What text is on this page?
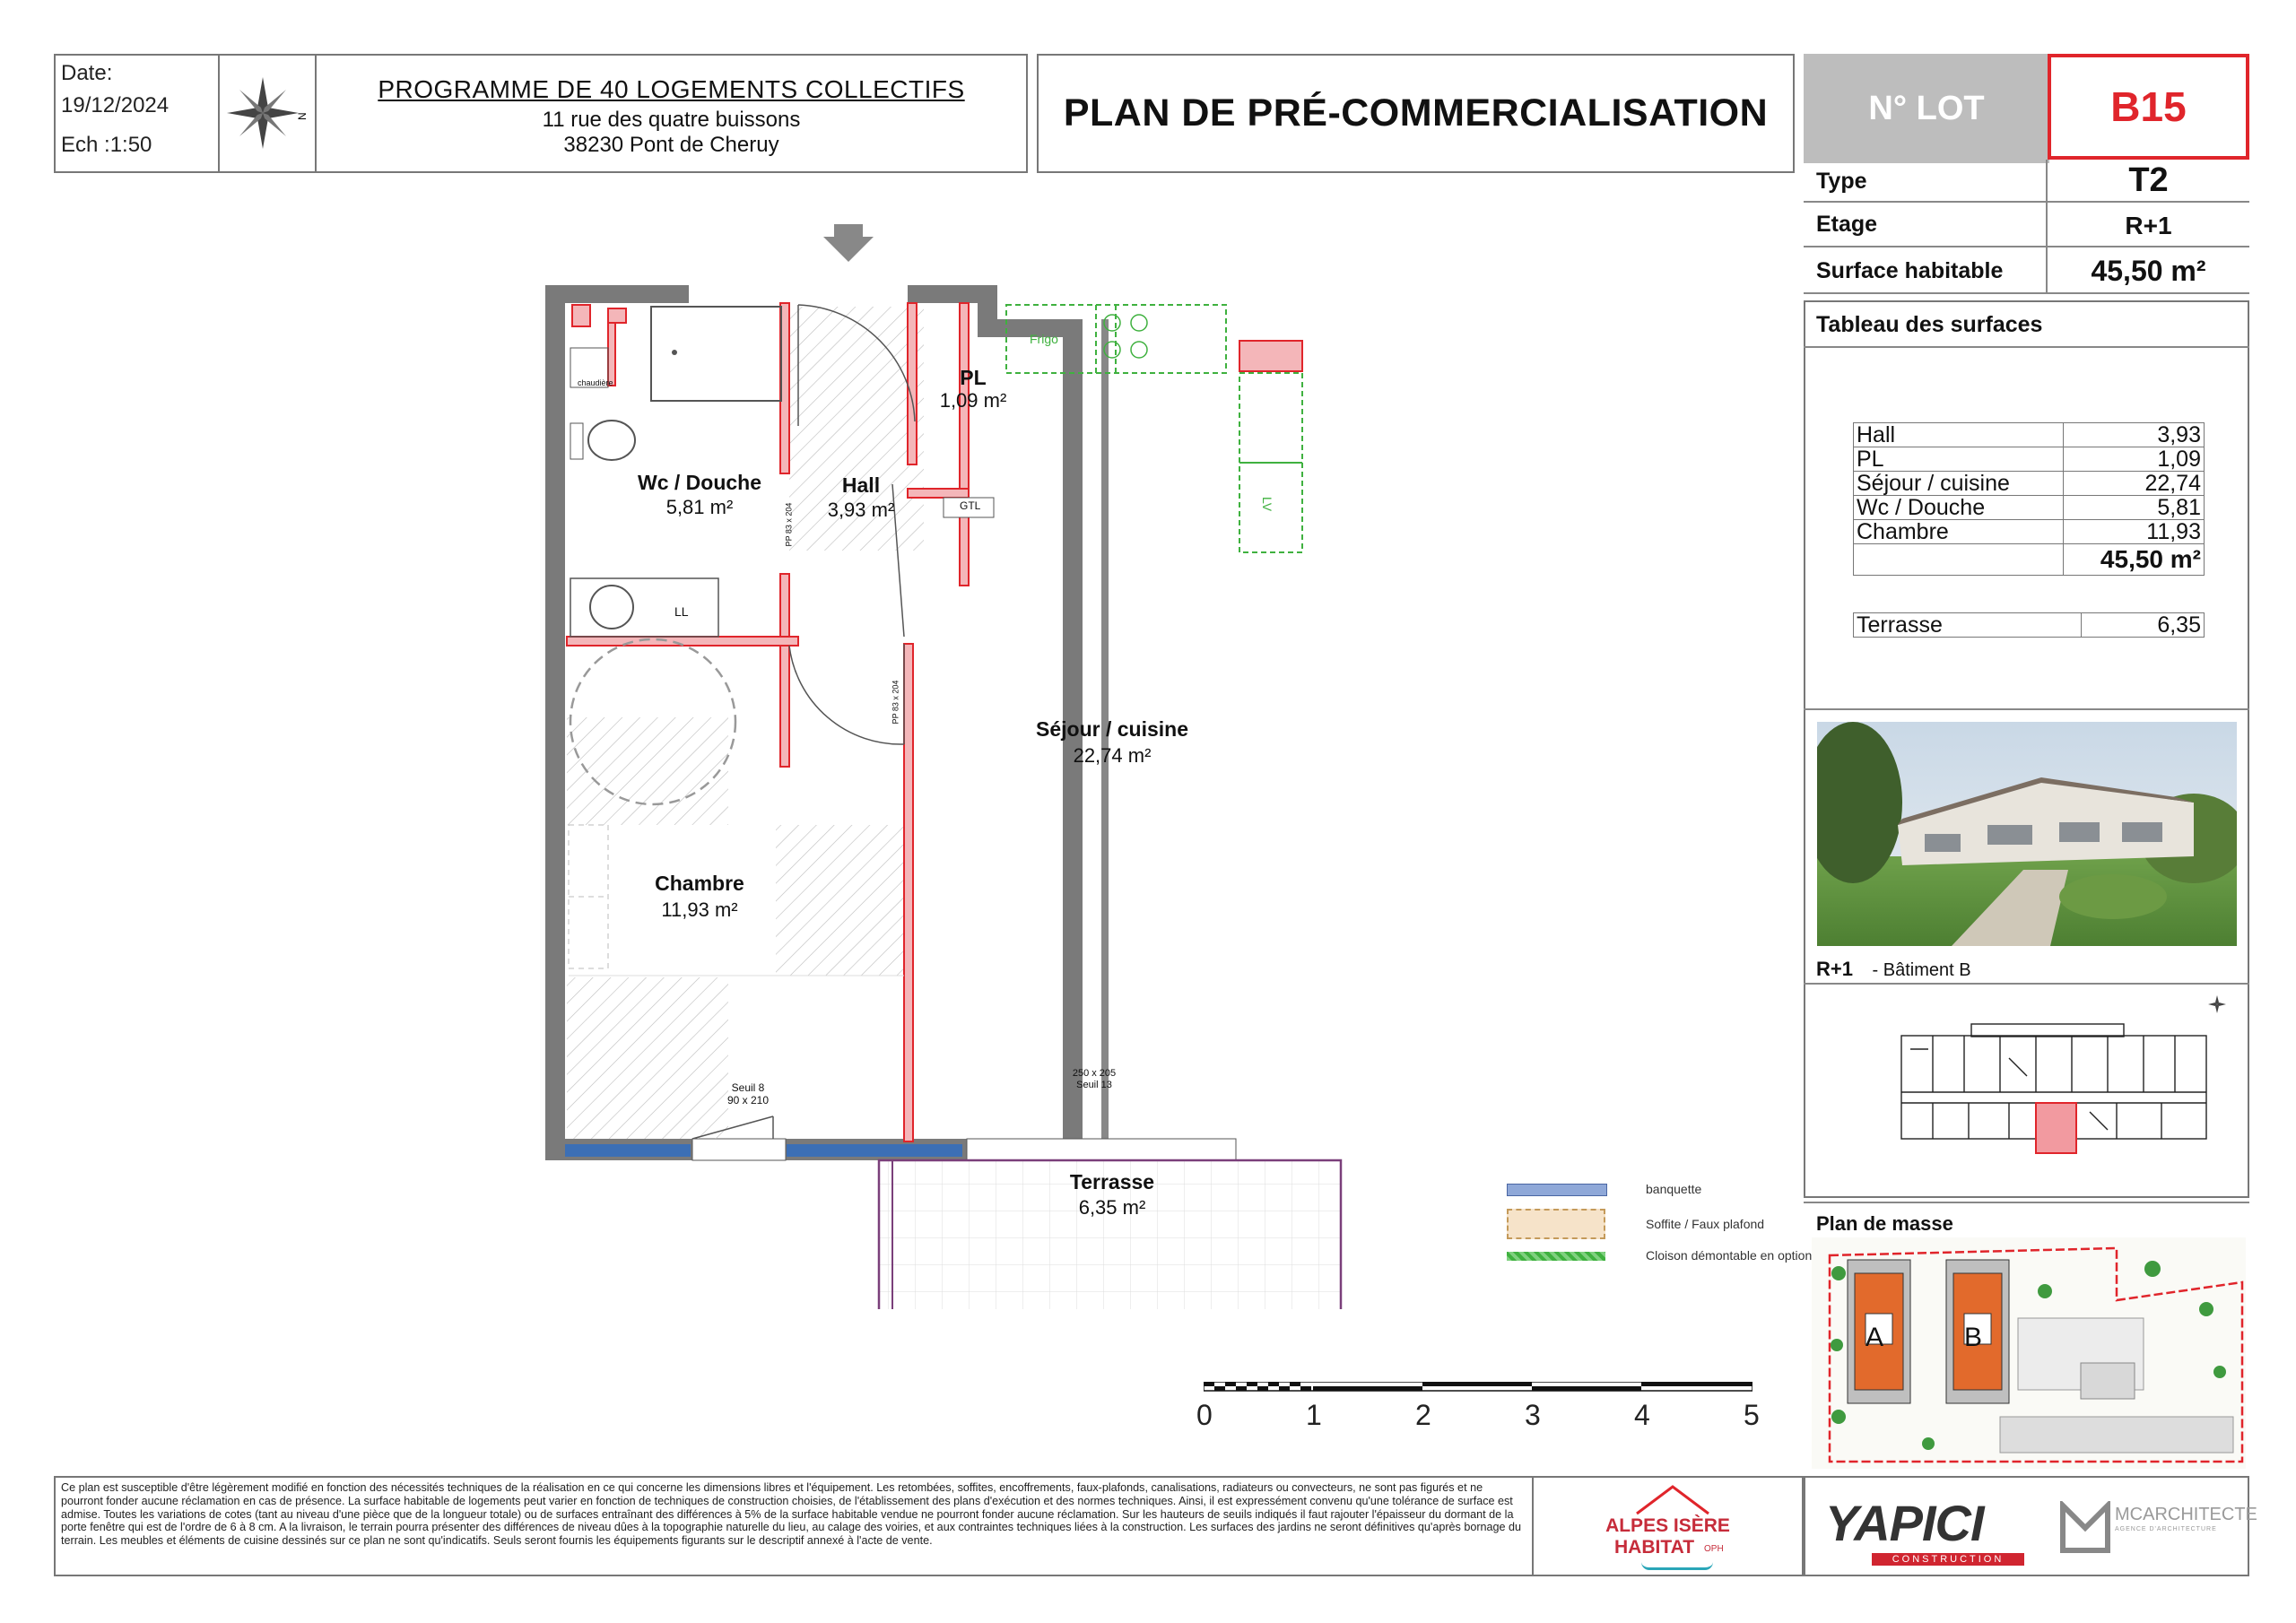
Date:
19/12/2024
Ech :1:50
N
PROGRAMME DE 40 LOGEMENTS COLLECTIFS
11 rue des quatre buissons
38230 Pont de Cheruy
PLAN DE PRÉ-COMMERCIALISATION	N° LOT	B15
Type	T2
Etage	R+1
Surface habitable	45,50 m²
Tableau des surfaces
Hall	3,93
PL	1,09
Séjour / cuisine	22,74
Wc / Douche	5,81
Chambre	11,93
	45,50 m²
Terrasse	6,35
R+1 - Bâtiment B
Plan de masse
A	B
Wc / Douche
5,81 m²
Hall
3,93 m²
PL
1,09 m²
Séjour / cuisine
22,74 m²
Chambre
11,93 m²
Terrasse
6,35 m²
Frigo
GTL
chaudière
LL
LV
Seuil 8
90 x 210
250 x 205
Seuil 13
PP 83 x 204
PP 83 x 204
banquette
Soffite / Faux plafond
Cloison démontable en option
0	1	2	3	4	5
Ce plan est susceptible d'être légèrement modifié en fonction des nécessités techniques de la réalisation en ce qui concerne les dimensions libres et l'équipement. Les retombées, soffites, encoffrements, faux-plafonds, canalisations, radiateurs ou convecteurs, ne sont pas figurés et ne pourront fonder aucune réclamation en cas de présence. La surface habitable de logements peut varier en fonction de techniques de construction choisies, de l'établissement des plans d'exécution et des normes techniques. Ainsi, il est expressément convenu qu'une tolérance de surface est admise. Toutes les variations de cotes (tant au niveau d'une pièce que de la longueur totale) ou de surfaces entraînant des différences à 5% de la surface habitable vendue ne pourront fonder aucune réclamation. Sur les hauteurs de seuils indiqués il faut rajouter l'épaisseur du dormant de la porte fenêtre qui est de l'ordre de 6 à 8 cm. A la livraison, le terrain pourra présenter des différences de niveau dûes à la topographie naturelle du lieu, au calage des voiries, et aux contraintes techniques liées à la construction. Les surfaces des jardins ne seront définitives qu'après bornage du terrain. Les meubles et éléments de cuisine dessinés sur ce plan ne sont qu'indicatifs. Seuls seront fournis les équipements figurants sur le descriptif annexé à l'acte de vente.
ALPES ISÈRE
HABITAT OPH YAPICI
CONSTRUCTION
MCARCHITECTE
AGENCE D'ARCHITECTURE
